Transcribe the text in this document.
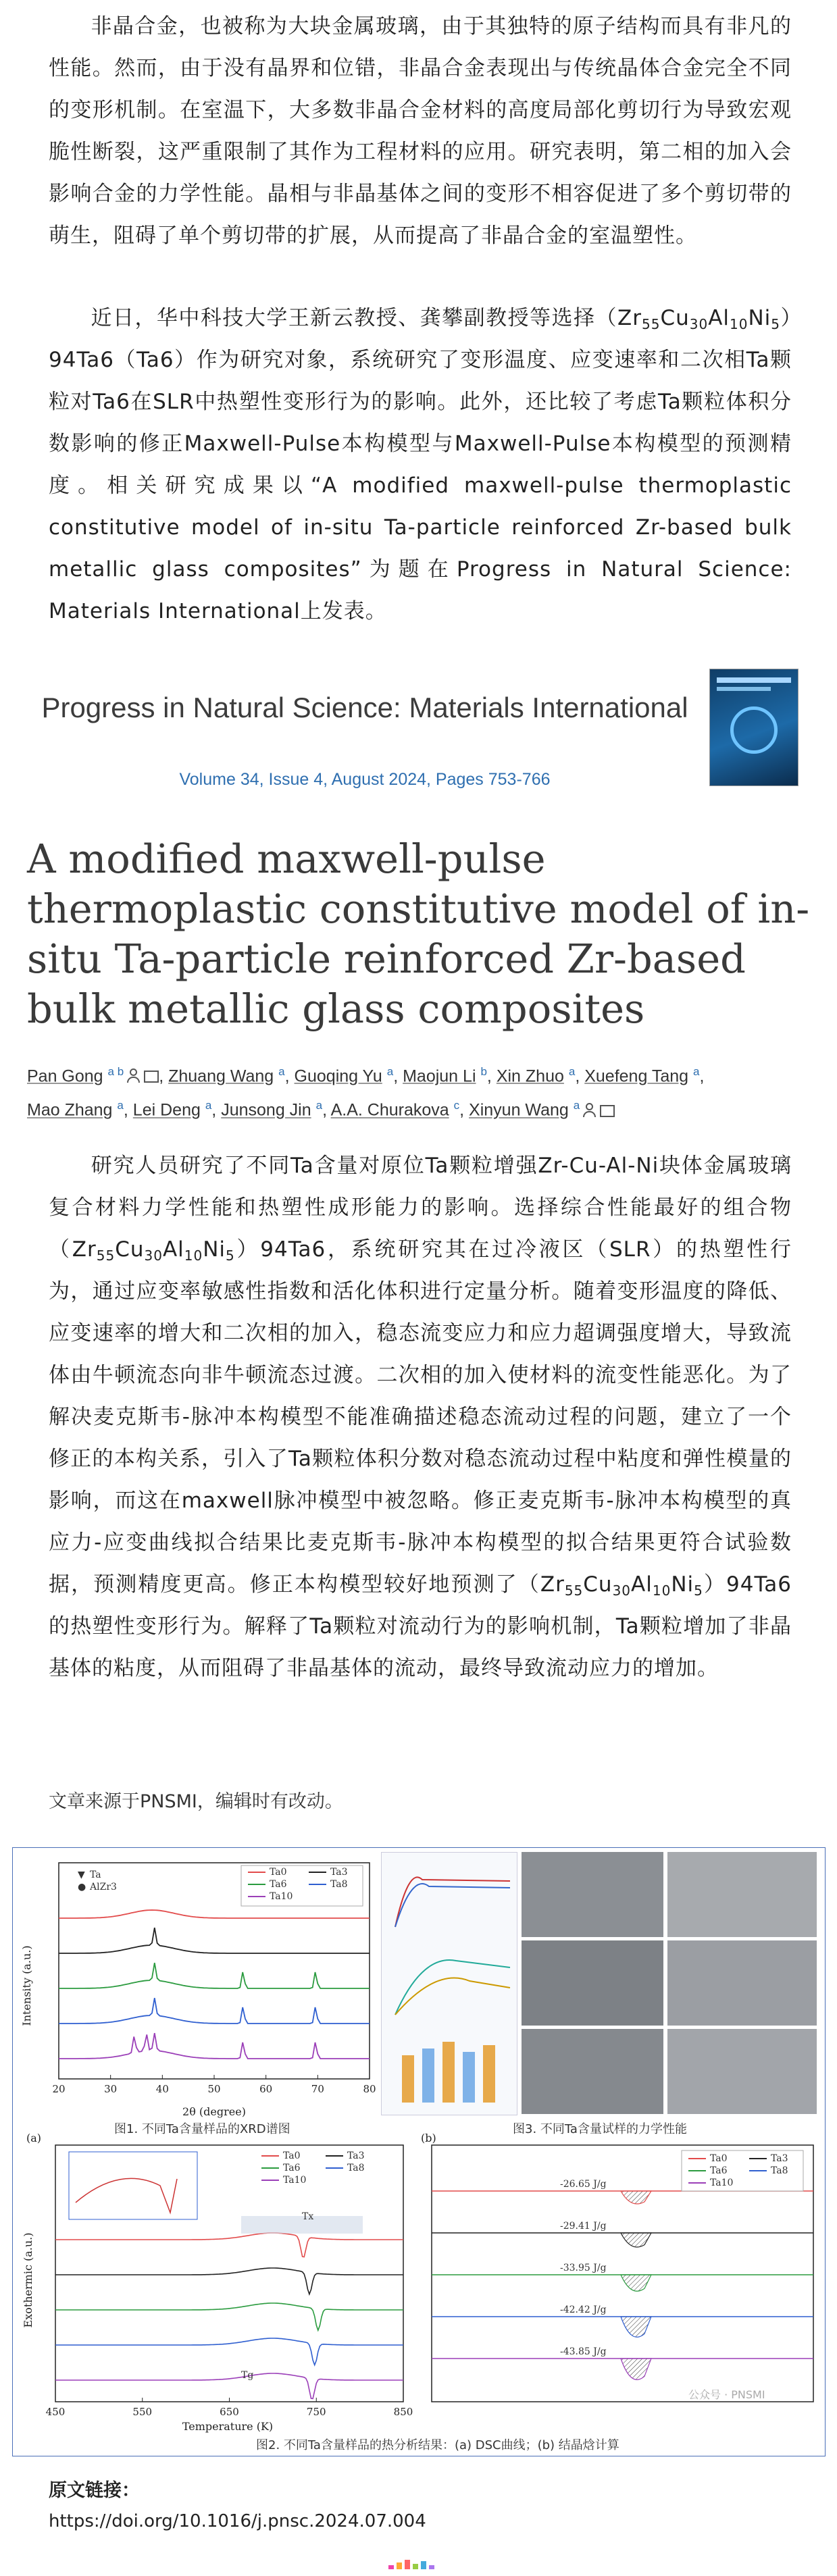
非晶合金，也被称为大块金属玻璃，由于其独特的原子结构而具有非凡的性能。然而，由于没有晶界和位错，非晶合金表现出与传统晶体合金完全不同的变形机制。在室温下，大多数非晶合金材料的高度局部化剪切行为导致宏观脆性断裂，这严重限制了其作为工程材料的应用。研究表明，第二相的加入会影响合金的力学性能。晶相与非晶基体之间的变形不相容促进了多个剪切带的萌生，阻碍了单个剪切带的扩展，从而提高了非晶合金的室温塑性。

近日，华中科技大学王新云教授、龚攀副教授等选择$(Zr_{55}Cu_{30}Al_{10}Ni_5)94Ta6(Ta6)$作为研究对象，系统研究了变形温度、应变速率和二次相Ta颗粒对Ta6在SLR中热塑性变形行为的影响。此外，还比较了考虑Ta颗粒体积分数影响的修正Maxwell-Pulse本构模型与Maxwell-Pulse本构模型的预测精度。相关研究成果以“A modified maxwell-pulse thermoplastic constitutive model of in-situ Ta-particle reinforced Zr-based bulk metallic glass composites”为题在Progress in Natural Science: Materials International上发表。

Progress in Natural Science: Materials International
Volume 34, Issue 4, August 2024, Pages 753-766
A modified maxwell-pulse thermoplastic constitutive model of in-situ Ta-particle reinforced Zr-based bulk metallic glass composites
Pan Gong $^{a b}$ , Zhuang Wang $^a$, Guoqing Yu $^a$, Maojun Li $^b$, Xin Zhuo $^a$, Xuefeng Tang $^a$,
Mao Zhang $^a$, Lei Deng $^a$, Junsong Jin $^a$, A.A. Churakova $^c$, Xinyun Wang $^a$

研究人员研究了不同Ta含量对原位Ta颗粒增强Zr-Cu-Al-Ni块体金属玻璃复合材料力学性能和热塑性成形能力的影响。选择综合性能最好的组合物$(Zr_{55}Cu_{30}Al_{10}Ni_5)94Ta6$，系统研究其在过冷液区（SLR）的热塑性行为，通过应变率敏感性指数和活化体积进行定量分析。随着变形温度的降低、应变速率的增大和二次相的加入，稳态流变应力和应力超调强度增大，导致流体由牛顿流态向非牛顿流态过渡。二次相的加入使材料的流变性能恶化。为了解决麦克斯韦-脉冲本构模型不能准确描述稳态流动过程的问题，建立了一个修正的本构关系，引入了Ta颗粒体积分数对稳态流动过程中粘度和弹性模量的影响，而这在maxwell脉冲模型中被忽略。修正麦克斯韦-脉冲本构模型的真应力-应变曲线拟合结果比麦克斯韦-脉冲本构模型的拟合结果更符合试验数据，预测精度更高。修正本构模型较好地预测了$(Zr_{55}Cu_{30}Al_{10}Ni_5)94Ta6$的热塑性变形行为。解释了Ta颗粒对流动行为的影响机制，Ta颗粒增加了非晶基体的粘度，从而阻碍了非晶基体的流动，最终导致流动应力的增加。

文章来源于PNSMI，编辑时有改动。

Intensity (a.u.)
2θ (degree)
20	30	40	50	60	70	80
▼ Ta
● AlZr3
Ta0	Ta3
Ta6	Ta8
Ta10
图1. 不同Ta含量样品的XRD谱图	图3. 不同Ta含量试样的力学性能
(a)
Exothermic (a.u.)
Temperature (K)
450	550	650	750	850
Tx
Tg
Ta0	Ta3
Ta6	Ta8
Ta10
(b)
-26.65 J/g
-29.41 J/g
-33.95 J/g
-42.42 J/g
-43.85 J/g
Ta0	Ta3
Ta6	Ta8
Ta10
公众号 · PNSMI
图2. 不同Ta含量样品的热分析结果：(a) DSC曲线；(b) 结晶焓计算

原文链接：

https://doi.org/10.1016/j.pnsc.2024.07.004
